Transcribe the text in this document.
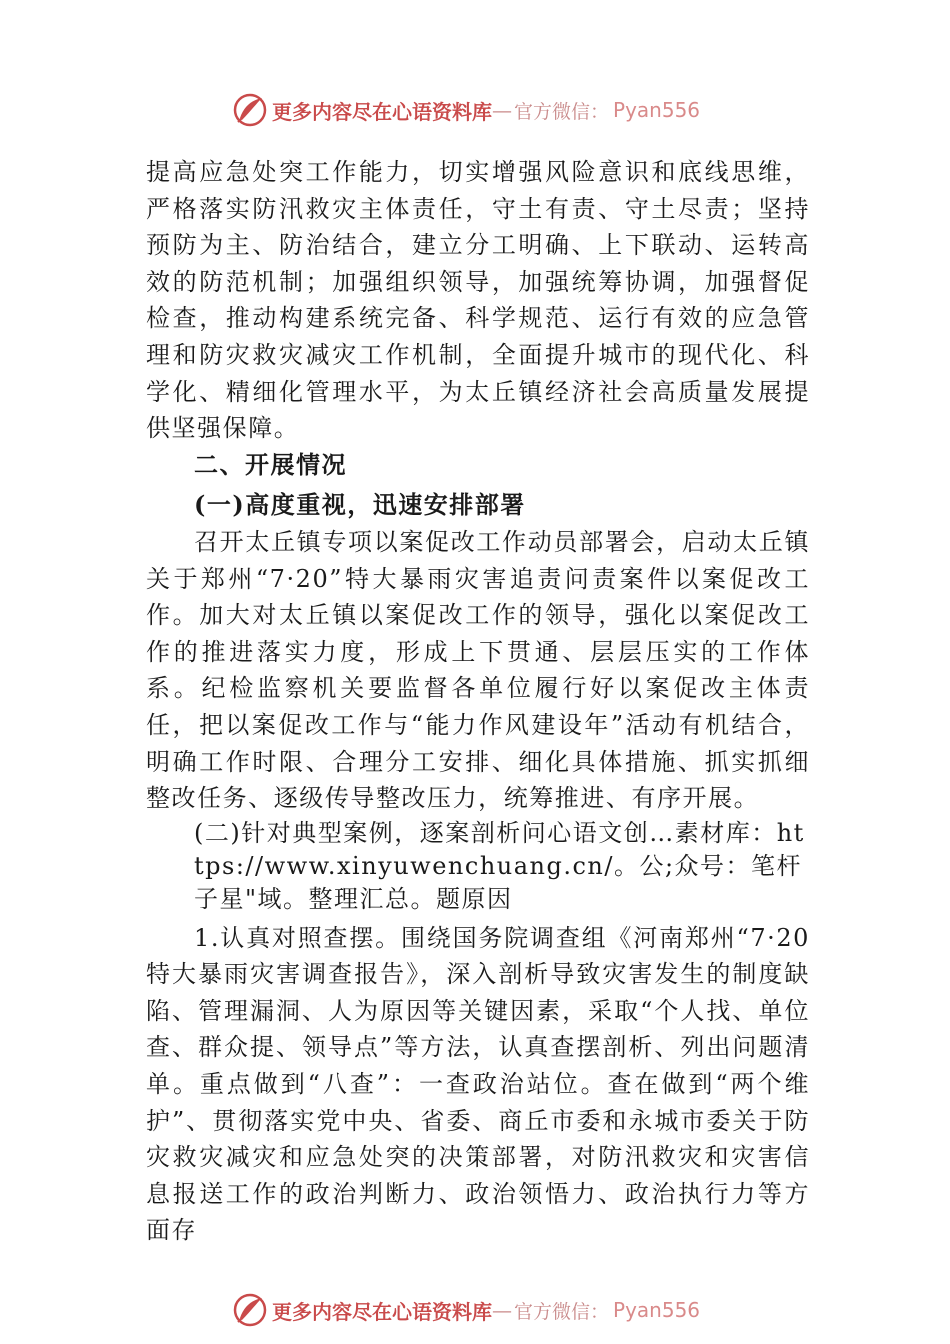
更多内容尽在心语资料库 — 官方微信： Pyan556

提高应急处突工作能力，切实增强风险意识和底线思维，严格落实防汛救灾主体责任，守土有责、守土尽责；坚持预防为主、防治结合，建立分工明确、上下联动、运转高效的防范机制；加强组织领导，加强统筹协调，加强督促检查，推动构建系统完备、科学规范、运行有效的应急管理和防灾救灾减灾工作机制，全面提升城市的现代化、科学化、精细化管理水平，为太丘镇经济社会高质量发展提供坚强保障。

二、开展情况
(一)高度重视，迅速安排部署

召开太丘镇专项以案促改工作动员部署会，启动太丘镇关于郑州“7·20”特大暴雨灾害追责问责案件以案促改工作。加大对太丘镇以案促改工作的领导，强化以案促改工作的推进落实力度，形成上下贯通、层层压实的工作体系。纪检监察机关要监督各单位履行好以案促改主体责任，把以案促改工作与“能力作风建设年”活动有机结合，明确工作时限、合理分工安排、细化具体措施、抓实抓细整改任务、逐级传导整改压力，统筹推进、有序开展。

(二)针对典型案例，逐案剖析问心语文创…素材库：https://www.xinyuwenchuang.cn/。公;众号：笔杆子星"域。整理汇总。题原因

1.认真对照查摆。围绕国务院调查组《河南郑州“7·20特大暴雨灾害调查报告》，深入剖析导致灾害发生的制度缺陷、管理漏洞、人为原因等关键因素，采取“个人找、单位查、群众提、领导点”等方法，认真查摆剖析、列出问题清单。重点做到“八查”：一查政治站位。查在做到“两个维护”、贯彻落实党中央、省委、商丘市委和永城市委关于防灾救灾减灾和应急处突的决策部署，对防汛救灾和灾害信息报送工作的政治判断力、政治领悟力、政治执行力等方面存

更多内容尽在心语资料库 — 官方微信： Pyan556
